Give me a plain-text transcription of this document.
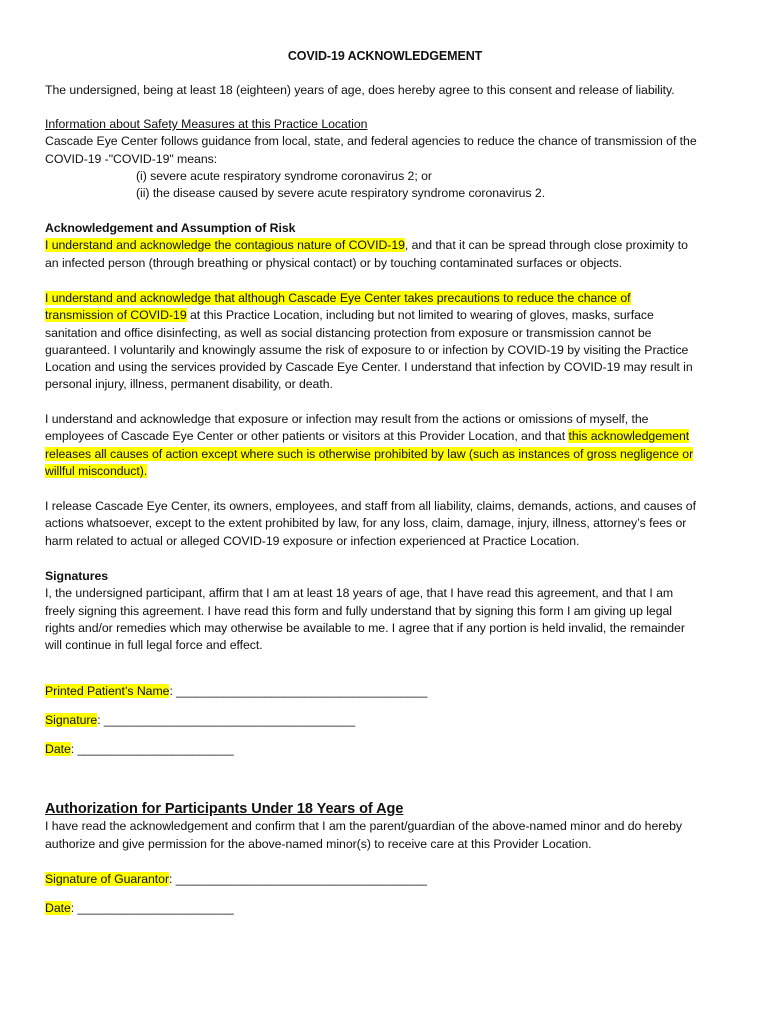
COVID-19 ACKNOWLEDGEMENT
The undersigned, being at least 18 (eighteen) years of age, does hereby agree to this consent and release of liability.
Information about Safety Measures at this Practice Location
Cascade Eye Center follows guidance from local, state, and federal agencies to reduce the chance of transmission of the
COVID-19 -"COVID-19" means:
(i) severe acute respiratory syndrome coronavirus 2; or
(ii) the disease caused by severe acute respiratory syndrome coronavirus 2.
Acknowledgement and Assumption of Risk
I understand and acknowledge the contagious nature of COVID-19, and that it can be spread through close proximity to
an infected person (through breathing or physical contact) or by touching contaminated surfaces or objects.
I understand and acknowledge that although Cascade Eye Center takes precautions to reduce the chance of
transmission of COVID-19 at this Practice Location, including but not limited to wearing of gloves, masks, surface
sanitation and office disinfecting, as well as social distancing protection from exposure or transmission cannot be
guaranteed. I voluntarily and knowingly assume the risk of exposure to or infection by COVID-19 by visiting the Practice
Location and using the services provided by Cascade Eye Center. I understand that infection by COVID-19 may result in
personal injury, illness, permanent disability, or death.
I understand and acknowledge that exposure or infection may result from the actions or omissions of myself, the
employees of Cascade Eye Center or other patients or visitors at this Provider Location, and that this acknowledgement
releases all causes of action except where such is otherwise prohibited by law (such as instances of gross negligence or
willful misconduct).
I release Cascade Eye Center, its owners, employees, and staff from all liability, claims, demands, actions, and causes of
actions whatsoever, except to the extent prohibited by law, for any loss, claim, damage, injury, illness, attorney’s fees or
harm related to actual or alleged COVID-19 exposure or infection experienced at Practice Location.
Signatures
I, the undersigned participant, affirm that I am at least 18 years of age, that I have read this agreement, and that I am
freely signing this agreement. I have read this form and fully understand that by signing this form I am giving up legal
rights and/or remedies which may otherwise be available to me. I agree that if any portion is held invalid, the remainder
will continue in full legal force and effect.
Printed Patient’s Name: _____________________________________
Signature: _____________________________________
Date: _______________________
Authorization for Participants Under 18 Years of Age
I have read the acknowledgement and confirm that I am the parent/guardian of the above-named minor and do hereby
authorize and give permission for the above-named minor(s) to receive care at this Provider Location.
Signature of Guarantor: _____________________________________
Date: _______________________
